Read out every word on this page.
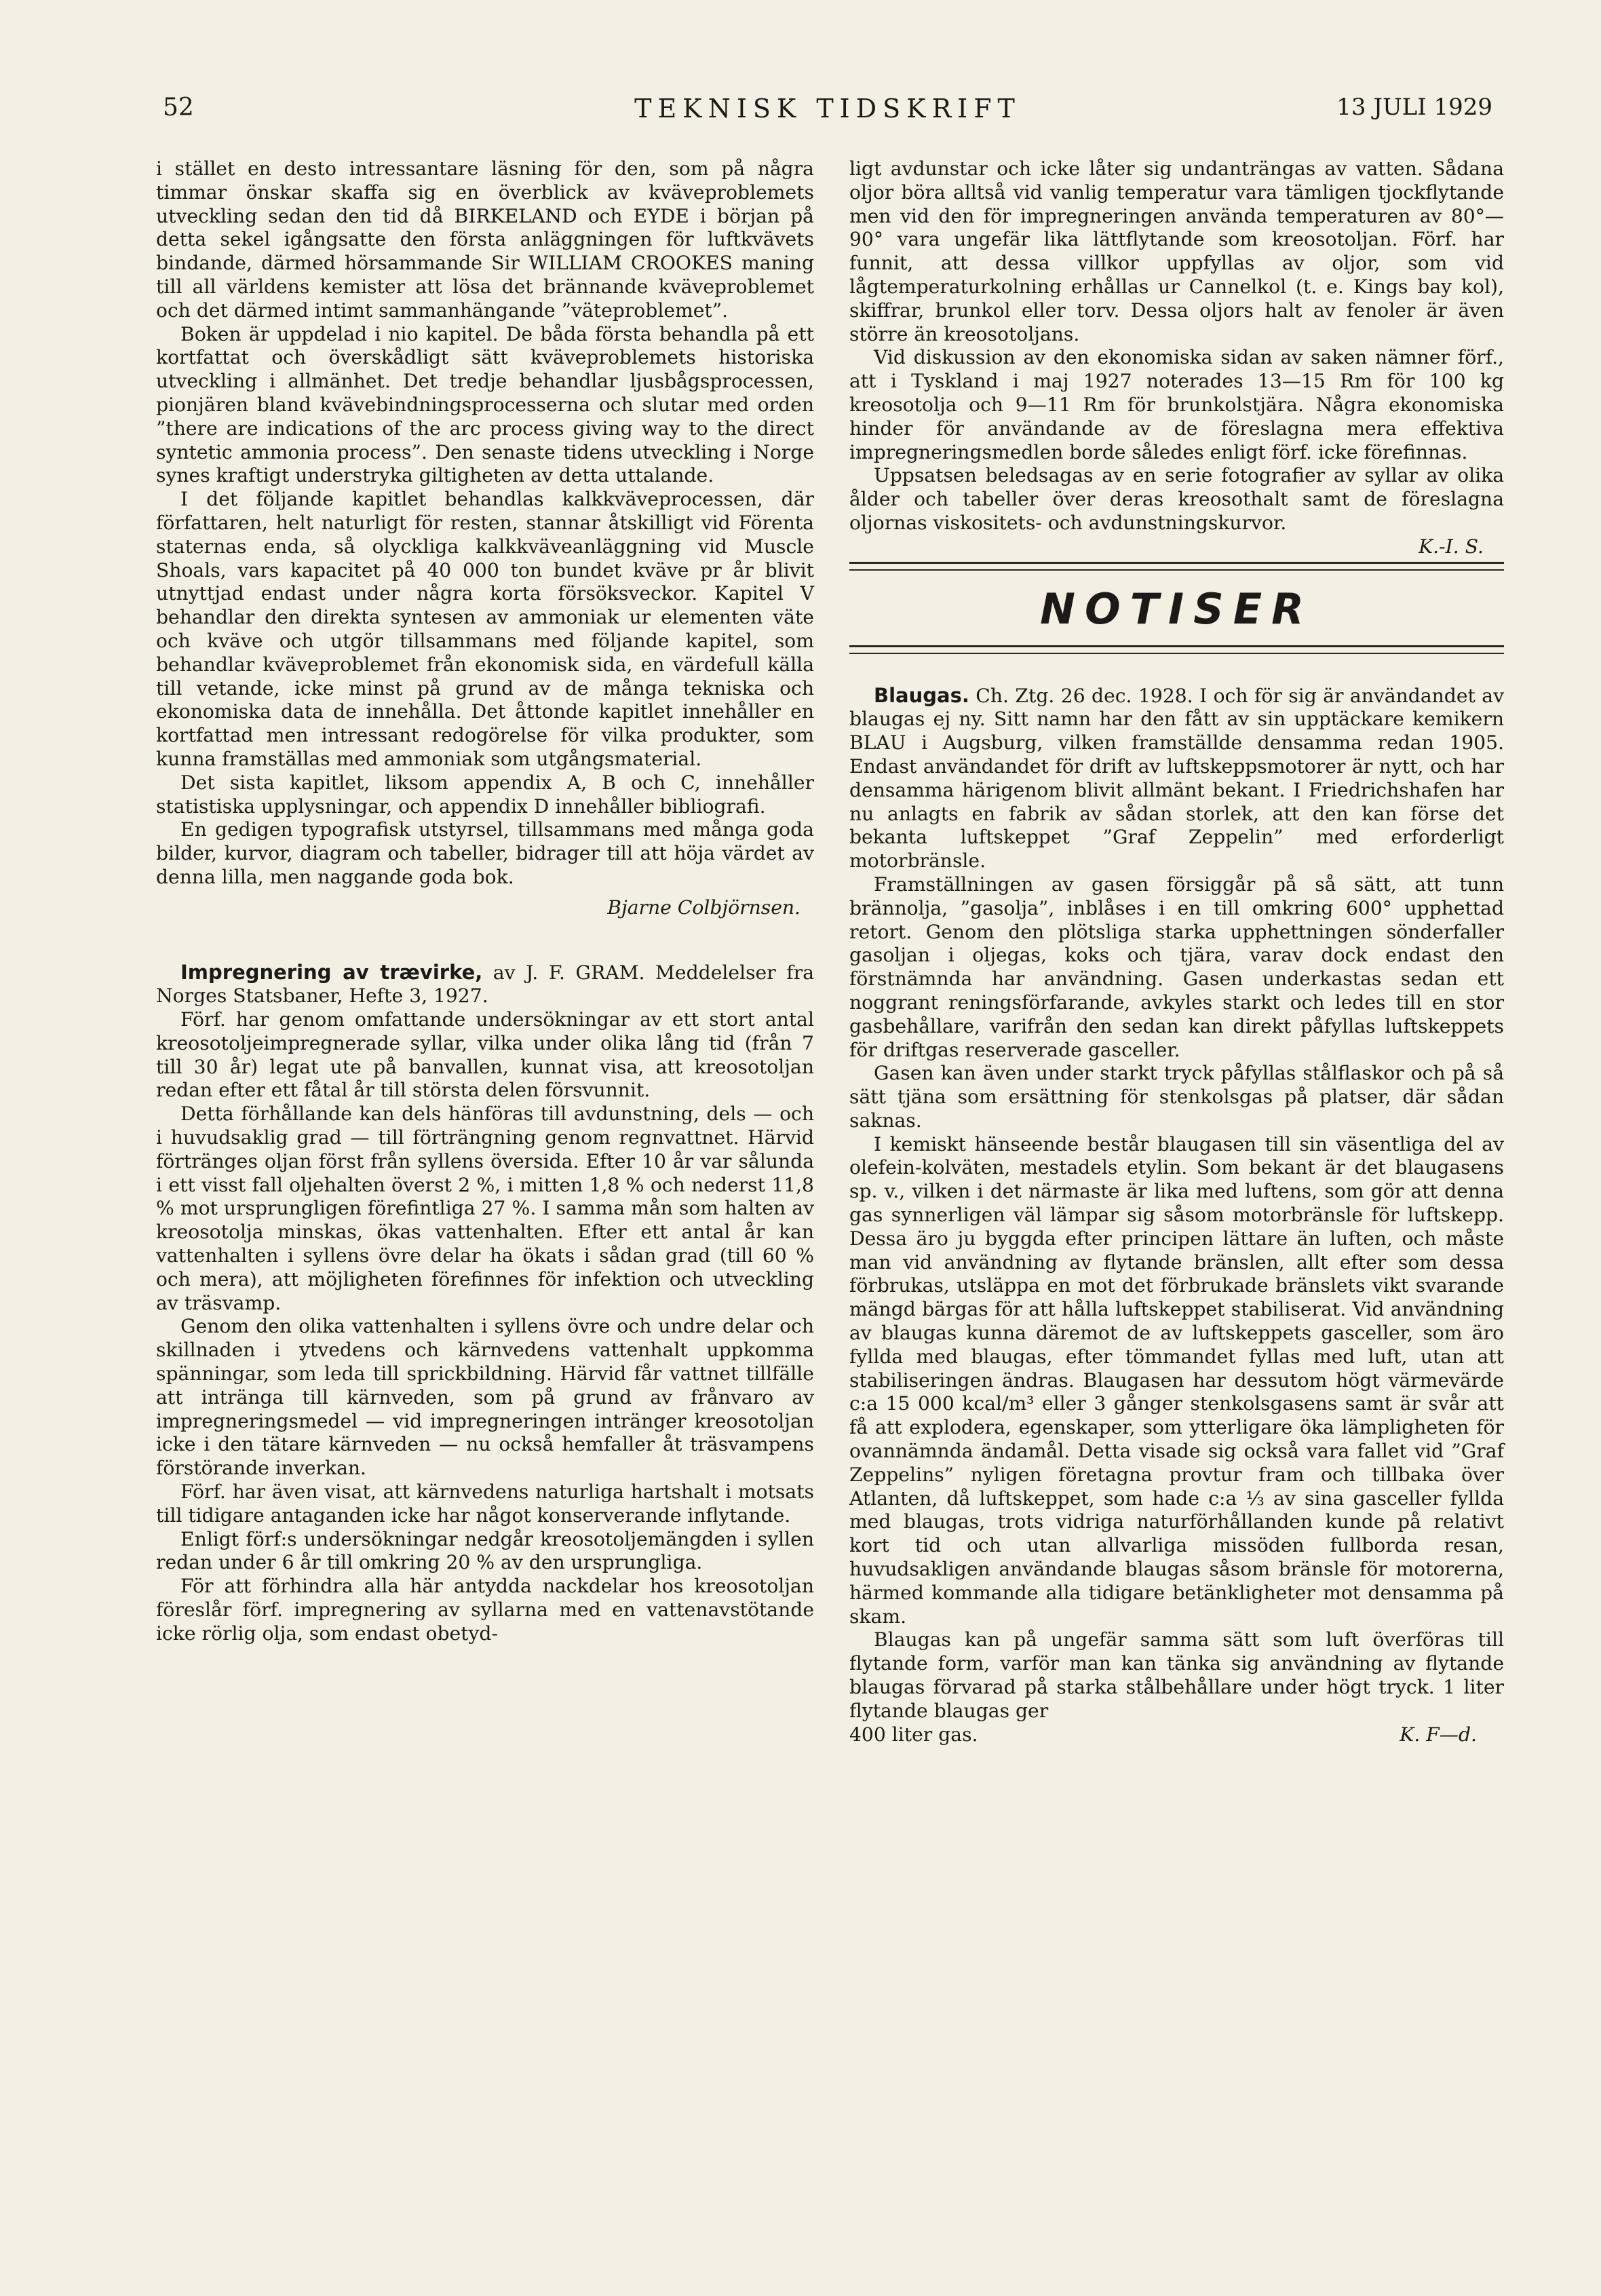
52	TEKNISK TIDSKRIFT	13 JULI 1929

i stället en desto intressantare läsning för den, som på några timmar önskar skaffa sig en överblick av kväveproblemets utveckling sedan den tid då BIRKELAND och EYDE i början på detta sekel igångsatte den första anläggningen för luftkvävets bindande, därmed hörsammande Sir WILLIAM CROOKES maning till all världens kemister att lösa det brännande kväveproblemet och det därmed intimt sammanhängande ”väteproblemet”.

Boken är uppdelad i nio kapitel. De båda första behandla på ett kortfattat och överskådligt sätt kväveproblemets historiska utveckling i allmänhet. Det tredje behandlar ljusbågsprocessen, pionjären bland kvävebindningsprocesserna och slutar med orden ”there are indications of the arc process giving way to the direct syntetic ammonia process”. Den senaste tidens utveckling i Norge synes kraftigt understryka giltigheten av detta uttalande.

I det följande kapitlet behandlas kalkkväveprocessen, där författaren, helt naturligt för resten, stannar åtskilligt vid Förenta staternas enda, så olyckliga kalkkväveanläggning vid Muscle Shoals, vars kapacitet på 40 000 ton bundet kväve pr år blivit utnyttjad endast under några korta försöksveckor. Kapitel V behandlar den direkta syntesen av ammoniak ur elementen väte och kväve och utgör tillsammans med följande kapitel, som behandlar kväveproblemet från ekonomisk sida, en värdefull källa till vetande, icke minst på grund av de många tekniska och ekonomiska data de innehålla. Det åttonde kapitlet innehåller en kortfattad men intressant redogörelse för vilka produkter, som kunna framställas med ammoniak som utgångsmaterial.

Det sista kapitlet, liksom appendix A, B och C, innehåller statistiska upplysningar, och appendix D innehåller bibliografi.

En gedigen typografisk utstyrsel, tillsammans med många goda bilder, kurvor, diagram och tabeller, bidrager till att höja värdet av denna lilla, men naggande goda bok.

Bjarne Colbjörnsen.

Impregnering av trævirke, av J. F. GRAM. Meddelelser fra Norges Statsbaner, Hefte 3, 1927.

Förf. har genom omfattande undersökningar av ett stort antal kreosotoljeimpregnerade syllar, vilka under olika lång tid (från 7 till 30 år) legat ute på banvallen, kunnat visa, att kreosotoljan redan efter ett fåtal år till största delen försvunnit.

Detta förhållande kan dels hänföras till avdunstning, dels — och i huvudsaklig grad — till förträngning genom regnvattnet. Härvid förtränges oljan först från syllens översida. Efter 10 år var sålunda i ett visst fall oljehalten överst 2 %, i mitten 1,8 % och nederst 11,8 % mot ursprungligen förefintliga 27 %. I samma mån som halten av kreosotolja minskas, ökas vattenhalten. Efter ett antal år kan vattenhalten i syllens övre delar ha ökats i sådan grad (till 60 % och mera), att möjligheten förefinnes för infektion och utveckling av träsvamp.

Genom den olika vattenhalten i syllens övre och undre delar och skillnaden i ytvedens och kärnvedens vattenhalt uppkomma spänningar, som leda till sprickbildning. Härvid får vattnet tillfälle att intränga till kärnveden, som på grund av frånvaro av impregneringsmedel — vid impregneringen intränger kreosotoljan icke i den tätare kärnveden — nu också hemfaller åt träsvampens förstörande inverkan.

Förf. har även visat, att kärnvedens naturliga hartshalt i motsats till tidigare antaganden icke har något konserverande inflytande.

Enligt förf:s undersökningar nedgår kreosotoljemängden i syllen redan under 6 år till omkring 20 % av den ursprungliga.

För att förhindra alla här antydda nackdelar hos kreosotoljan föreslår förf. impregnering av syllarna med en vattenavstötande icke rörlig olja, som endast obetyd-

ligt avdunstar och icke låter sig undanträngas av vatten. Sådana oljor böra alltså vid vanlig temperatur vara tämligen tjockflytande men vid den för impregneringen använda temperaturen av 80°—90° vara ungefär lika lättflytande som kreosotoljan. Förf. har funnit, att dessa villkor uppfyllas av oljor, som vid lågtemperaturkolning erhållas ur Cannelkol (t. e. Kings bay kol), skiffrar, brunkol eller torv. Dessa oljors halt av fenoler är även större än kreosotoljans.

Vid diskussion av den ekonomiska sidan av saken nämner förf., att i Tyskland i maj 1927 noterades 13—15 Rm för 100 kg kreosotolja och 9—11 Rm för brunkolstjära. Några ekonomiska hinder för användande av de föreslagna mera effektiva impregneringsmedlen borde således enligt förf. icke förefinnas.

Uppsatsen beledsagas av en serie fotografier av syllar av olika ålder och tabeller över deras kreosothalt samt de föreslagna oljornas viskositets- och avdunstningskurvor.

K.-I. S.
NOTISER

Blaugas. Ch. Ztg. 26 dec. 1928. I och för sig är användandet av blaugas ej ny. Sitt namn har den fått av sin upptäckare kemikern BLAU i Augsburg, vilken framställde densamma redan 1905. Endast användandet för drift av luftskeppsmotorer är nytt, och har densamma härigenom blivit allmänt bekant. I Friedrichshafen har nu anlagts en fabrik av sådan storlek, att den kan förse det bekanta luftskeppet ”Graf Zeppelin” med erforderligt motorbränsle.

Framställningen av gasen försiggår på så sätt, att tunn brännolja, ”gasolja”, inblåses i en till omkring 600° upphettad retort. Genom den plötsliga starka upphettningen sönderfaller gasoljan i oljegas, koks och tjära, varav dock endast den förstnämnda har användning. Gasen underkastas sedan ett noggrant reningsförfarande, avkyles starkt och ledes till en stor gasbehållare, varifrån den sedan kan direkt påfyllas luftskeppets för driftgas reserverade gasceller.

Gasen kan även under starkt tryck påfyllas stålflaskor och på så sätt tjäna som ersättning för stenkolsgas på platser, där sådan saknas.

I kemiskt hänseende består blaugasen till sin väsentliga del av olefein-kolväten, mestadels etylin. Som bekant är det blaugasens sp. v., vilken i det närmaste är lika med luftens, som gör att denna gas synnerligen väl lämpar sig såsom motorbränsle för luftskepp. Dessa äro ju byggda efter principen lättare än luften, och måste man vid användning av flytande bränslen, allt efter som dessa förbrukas, utsläppa en mot det förbrukade bränslets vikt svarande mängd bärgas för att hålla luftskeppet stabiliserat. Vid användning av blaugas kunna däremot de av luftskeppets gasceller, som äro fyllda med blaugas, efter tömmandet fyllas med luft, utan att stabiliseringen ändras. Blaugasen har dessutom högt värmevärde c:a 15 000 kcal/m³ eller 3 gånger stenkolsgasens samt är svår att få att explodera, egenskaper, som ytterligare öka lämpligheten för ovannämnda ändamål. Detta visade sig också vara fallet vid ”Graf Zeppelins” nyligen företagna provtur fram och tillbaka över Atlanten, då luftskeppet, som hade c:a ⅓ av sina gasceller fyllda med blaugas, trots vidriga naturförhållanden kunde på relativt kort tid och utan allvarliga missöden fullborda resan, huvudsakligen användande blaugas såsom bränsle för motorerna, härmed kommande alla tidigare betänkligheter mot densamma på skam.

Blaugas kan på ungefär samma sätt som luft överföras till flytande form, varför man kan tänka sig användning av flytande blaugas förvarad på starka stålbehållare under högt tryck. 1 liter flytande blaugas ger

400 liter gas.	K. F—d.
